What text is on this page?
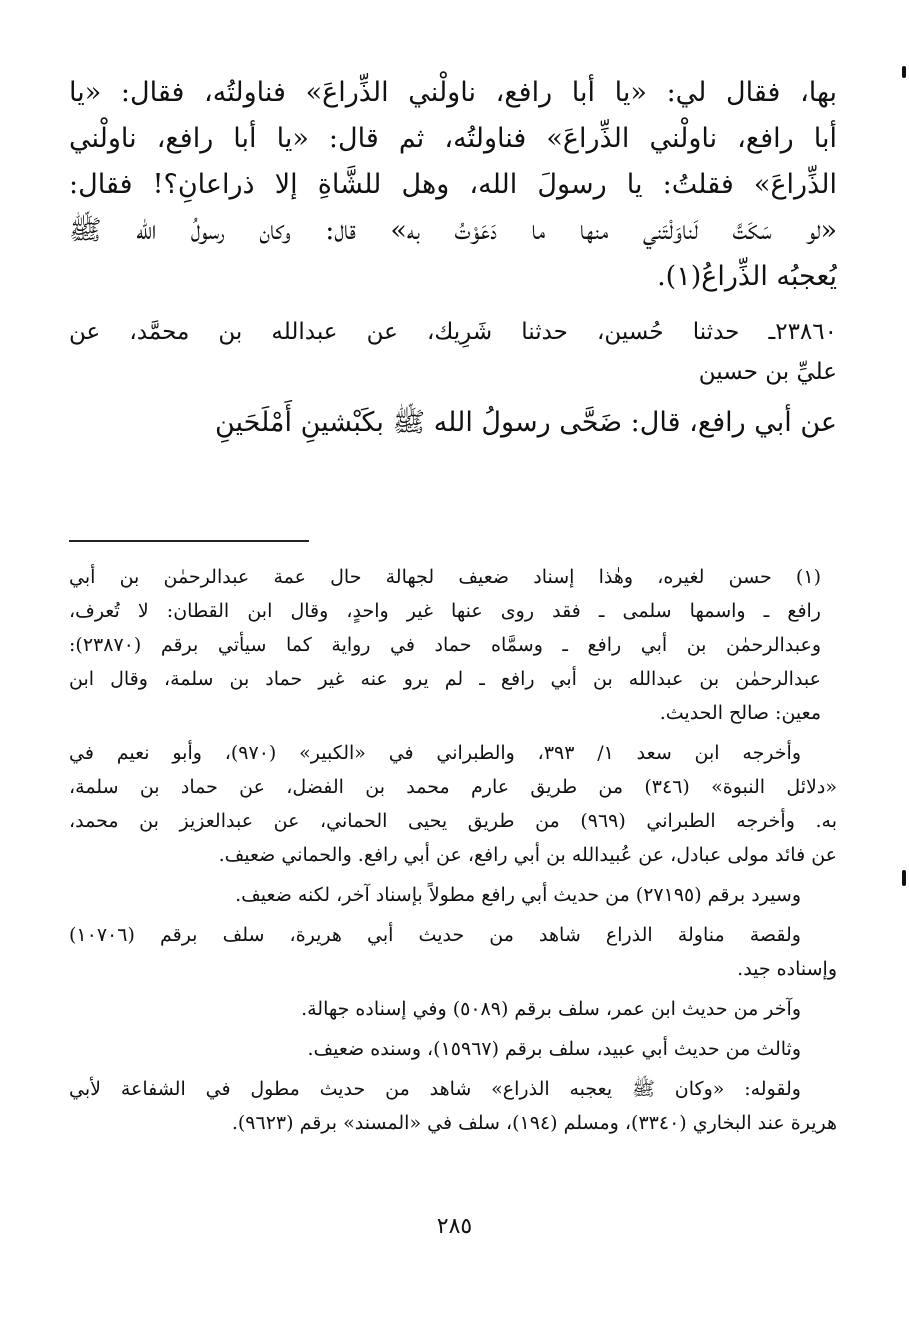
بها، فقال لي: «يا أبا رافع، ناولْني الذِّراعَ» فناولتُه، فقال: «يا
أبا رافع، ناولْني الذِّراعَ» فناولتُه، ثم قال: «يا أبا رافع، ناولْني
الذِّراعَ» فقلتُ: يا رسولَ الله، وهل للشَّاةِ إلا ذراعانِ؟! فقال:
«لو سَكَتَّ لَناوَلْتَني منها ما دَعَوْتُ به» قال: وكان رسولُ الله ﷺ
يُعجبُه الذِّراعُ(١).
٢٣٨٦٠ـ حدثنا حُسين، حدثنا شَرِيك، عن عبدالله بن محمَّد، عن
عليِّ بن حسين
عن أبي رافع، قال: ضَحَّى رسولُ الله ﷺ بكَبْشينِ أَمْلَحَينِ
(١) حسن لغيره، وهٰذا إسناد ضعيف لجهالة حال عمة عبدالرحمٰن بن أبي
رافع ـ واسمها سلمى ـ فقد روى عنها غير واحدٍ، وقال ابن القطان: لا تُعرف،
وعبدالرحمٰن بن أبي رافع ـ وسمَّاه حماد في رواية كما سيأتي برقم (٢٣٨٧٠):
عبدالرحمٰن بن عبدالله بن أبي رافع ـ لم يرو عنه غير حماد بن سلمة، وقال ابن
معين: صالح الحديث.
وأخرجه ابن سعد ١/ ٣٩٣، والطبراني في «الكبير» (٩٧٠)، وأبو نعيم في
«دلائل النبوة» (٣٤٦) من طريق عارم محمد بن الفضل، عن حماد بن سلمة،
به. وأخرجه الطبراني (٩٦٩) من طريق يحيى الحماني، عن عبدالعزيز بن محمد،
عن فائد مولى عبادل، عن عُبيدالله بن أبي رافع، عن أبي رافع. والحماني ضعيف.
وسيرد برقم (٢٧١٩٥) من حديث أبي رافع مطولاً بإسناد آخر، لكنه ضعيف.
ولقصة مناولة الذراع شاهد من حديث أبي هريرة، سلف برقم (١٠٧٠٦)
وإسناده جيد.
وآخر من حديث ابن عمر، سلف برقم (٥٠٨٩) وفي إسناده جهالة.
وثالث من حديث أبي عبيد، سلف برقم (١٥٩٦٧)، وسنده ضعيف.
ولقوله: «وكان ﷺ يعجبه الذراع» شاهد من حديث مطول في الشفاعة لأبي
هريرة عند البخاري (٣٣٤٠)، ومسلم (١٩٤)، سلف في «المسند» برقم (٩٦٢٣).
٢٨٥
